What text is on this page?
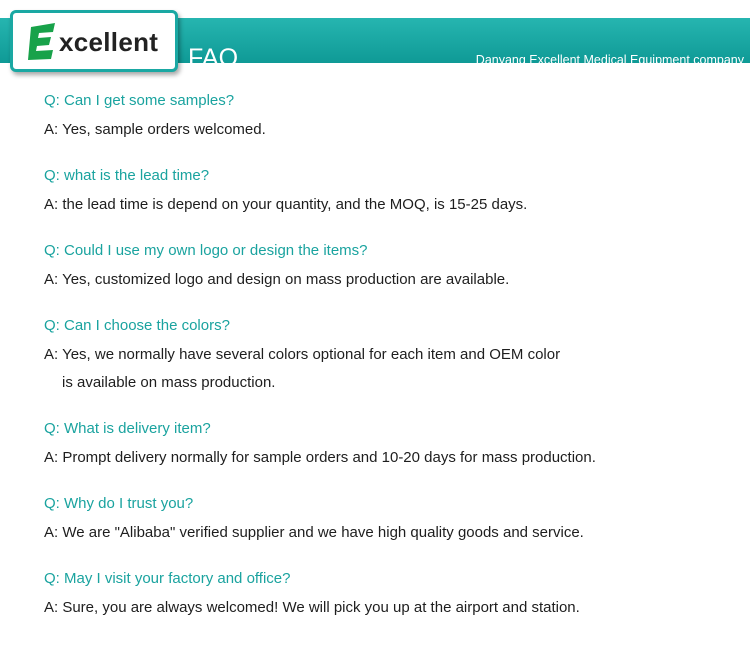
FAQ	Danyang Excellent Medical Equipment company
xcellent
Q: Can I get some samples?
A: Yes, sample orders welcomed.
Q: what is the lead time?
A: the lead time is depend on your quantity, and the MOQ, is 15-25 days.
Q: Could I use my own logo or design the items?
A: Yes, customized logo and design on mass production are available.
Q: Can I choose the colors?
A: Yes, we normally have several colors optional for each item and OEM color
is available on mass production.
Q: What is delivery item?
A: Prompt delivery normally for sample orders and 10-20 days for mass production.
Q: Why do I trust you?
A: We are "Alibaba" verified supplier and we have high quality goods and service.
Q: May I visit your factory and office?
A: Sure, you are always welcomed! We will pick you up at the airport and station.
